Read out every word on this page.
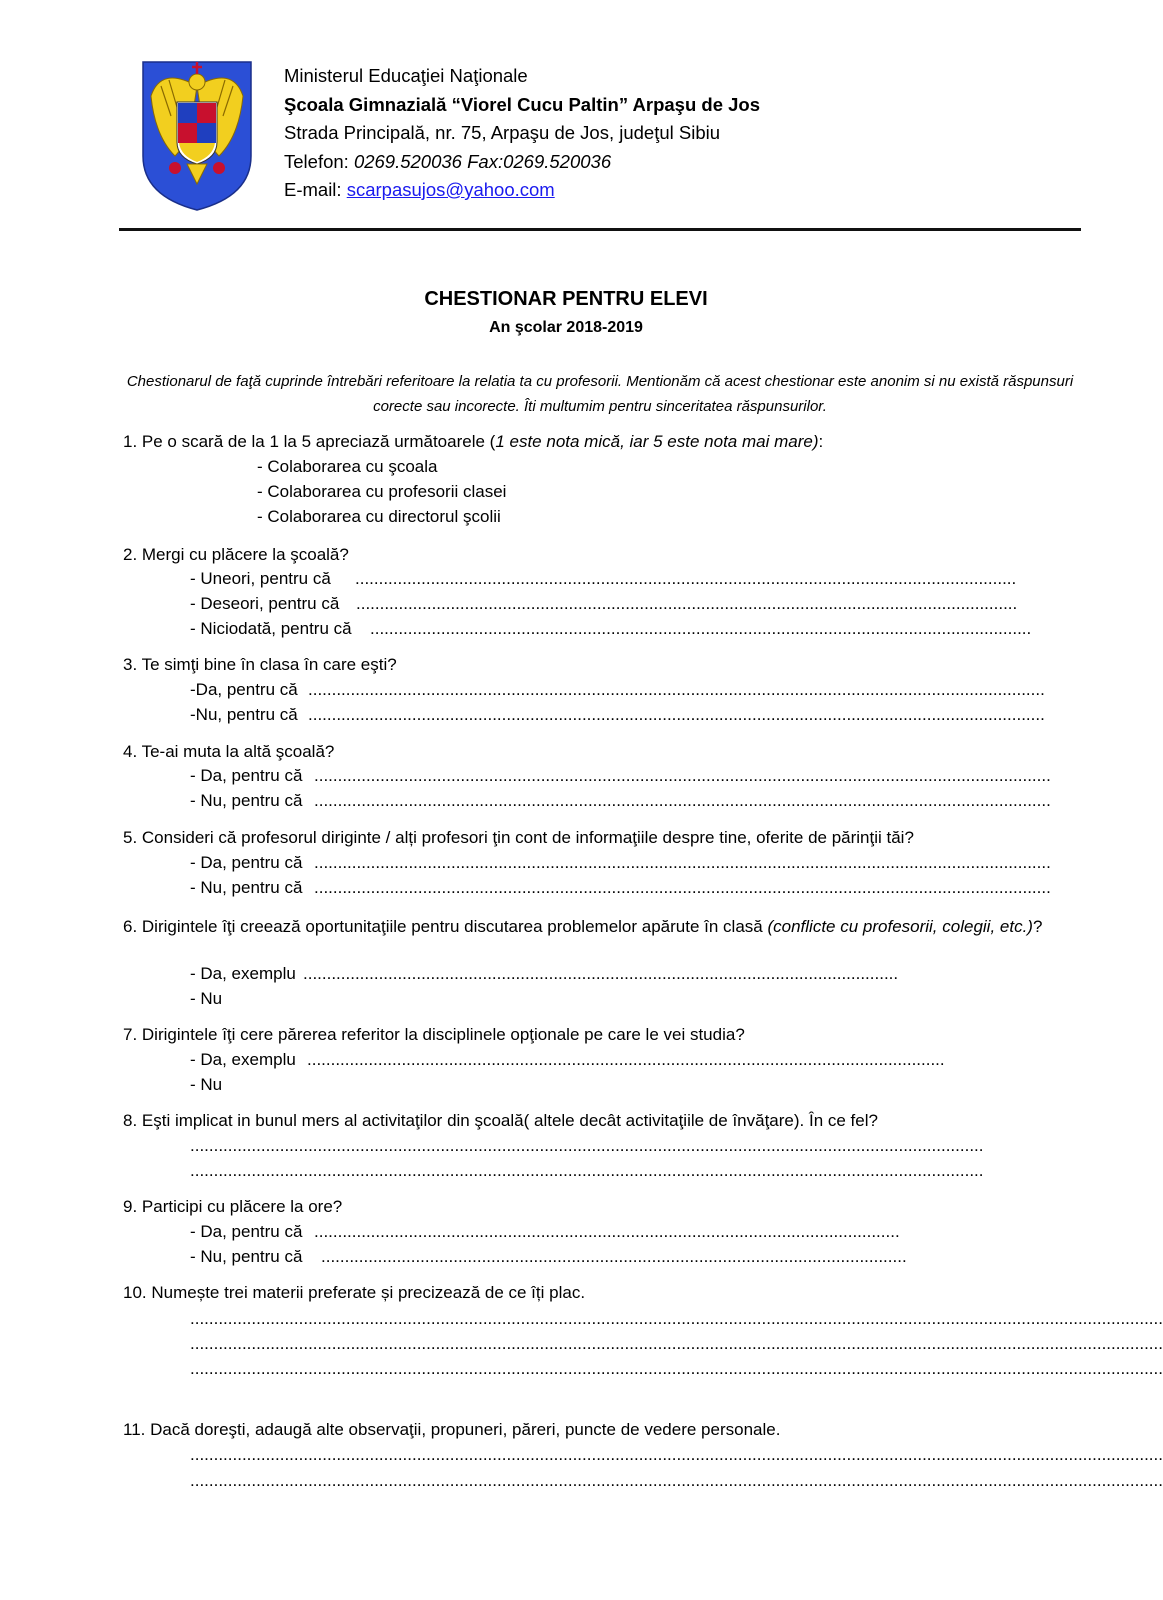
Ministerul Educaţiei Naţionale
Şcoala Gimnazială “Viorel Cucu Paltin” Arpaşu de Jos
Strada Principală, nr. 75, Arpaşu de Jos, judeţul Sibiu
Telefon: 0269.520036 Fax:0269.520036
E-mail: scarpasujos@yahoo.com
CHESTIONAR PENTRU ELEVI
An şcolar 2018-2019
Chestionarul de faţă cuprinde întrebări referitoare la relatia ta cu profesorii. Mentionăm că acest chestionar este anonim si nu există răspunsuri corecte sau incorecte. Îti multumim pentru sinceritatea răspunsurilor.
1. Pe o scară de la 1 la 5 apreciază următoarele (1 este nota mică, iar 5 este nota mai mare):
- Colaborarea cu şcoala
- Colaborarea cu profesorii clasei
- Colaborarea cu directorul şcolii
2. Mergi cu plăcere la şcoală?
- Uneori, pentru că ............................................................................................................................................
- Deseori, pentru că ............................................................................................................................................
- Niciodată, pentru că ............................................................................................................................................
3. Te simţi bine în clasa în care eşti?
-Da, pentru că ............................................................................................................................................................
-Nu, pentru că ............................................................................................................................................................
4. Te-ai muta la altă şcoală?
- Da, pentru că ............................................................................................................................................................
- Nu, pentru că ............................................................................................................................................................
5. Consideri că profesorul diriginte / alți profesori ţin cont de informaţiile despre tine, oferite de părinţii tăi?
- Da, pentru că ............................................................................................................................................................
- Nu, pentru că ............................................................................................................................................................
6. Dirigintele îţi creează oportunitaţiile pentru discutarea problemelor apărute în clasă (conflicte cu profesorii, colegii, etc.)?
- Da, exemplu ..............................................................................................................................
- Nu
7. Dirigintele îţi cere părerea referitor la disciplinele opţionale pe care le vei studia?
- Da, exemplu .......................................................................................................................................
- Nu
8. Eşti implicat in bunul mers al activitaţilor din şcoală( altele decât activitaţiile de învăţare). În ce fel?
........................................................................................................................................................................
........................................................................................................................................................................
9. Participi cu plăcere la ore?
- Da, pentru că ............................................................................................................................
- Nu, pentru că ............................................................................................................................
10. Numește trei materii preferate și precizează de ce îți plac.
..............................................................................................................................................................................................................
..............................................................................................................................................................................................................
..............................................................................................................................................................................................................
11. Dacă doreşti, adaugă alte observaţii, propuneri, păreri, puncte de vedere personale.
..............................................................................................................................................................................................................
..............................................................................................................................................................................................................
